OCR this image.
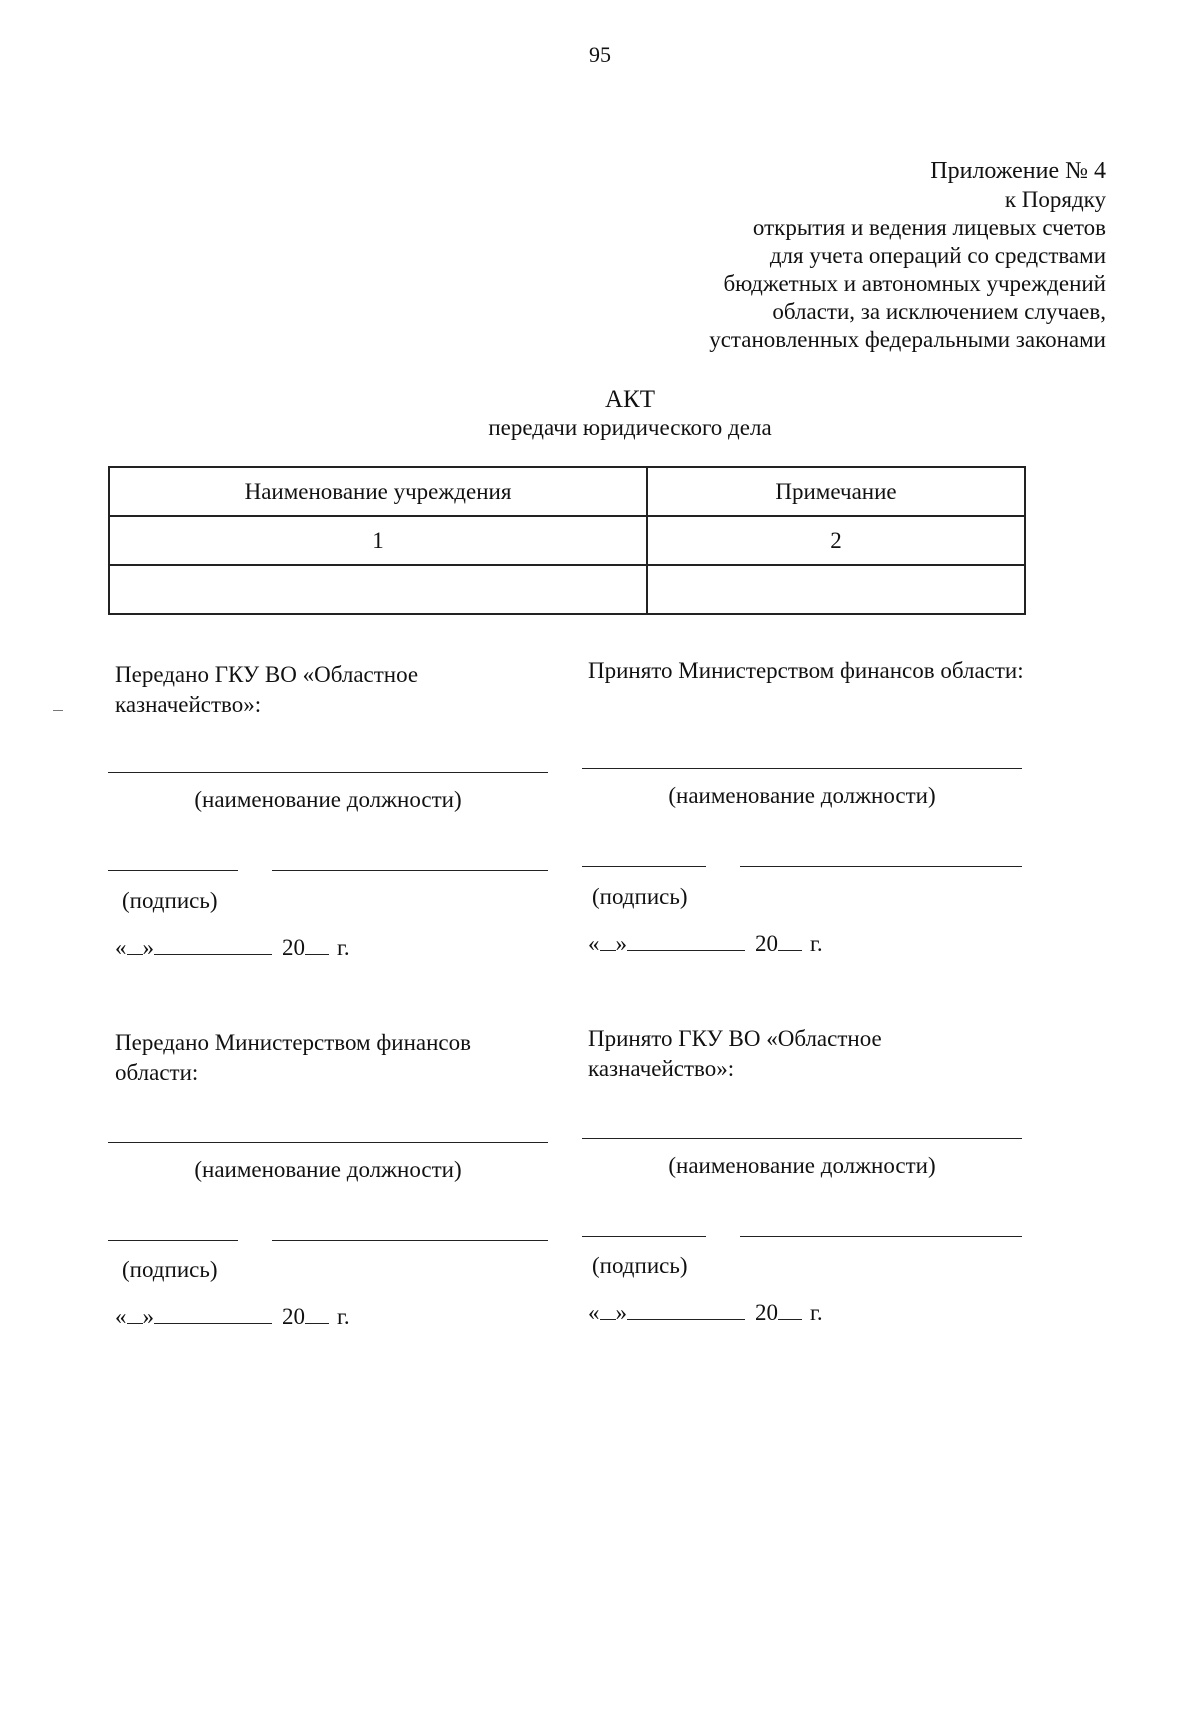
95
Приложение № 4
к Порядку
открытия и ведения лицевых счетов
для учета операций со средствами
бюджетных и автономных учреждений
области, за исключением случаев,
установленных федеральными законами
АКТ
передачи юридического дела
Наименование учреждения	Примечание
1	2

Передано ГКУ ВО «Областное казначейство»:
(наименование должности)
(подпись)
« »	20 г.
Принято Министерством финансов области:
(наименование должности)
(подпись)
« »	20 г.
Передано Министерством финансов области:
(наименование должности)
(подпись)
« »	20 г.
Принято ГКУ ВО «Областное казначейство»:
(наименование должности)
(подпись)
« »	20 г.
